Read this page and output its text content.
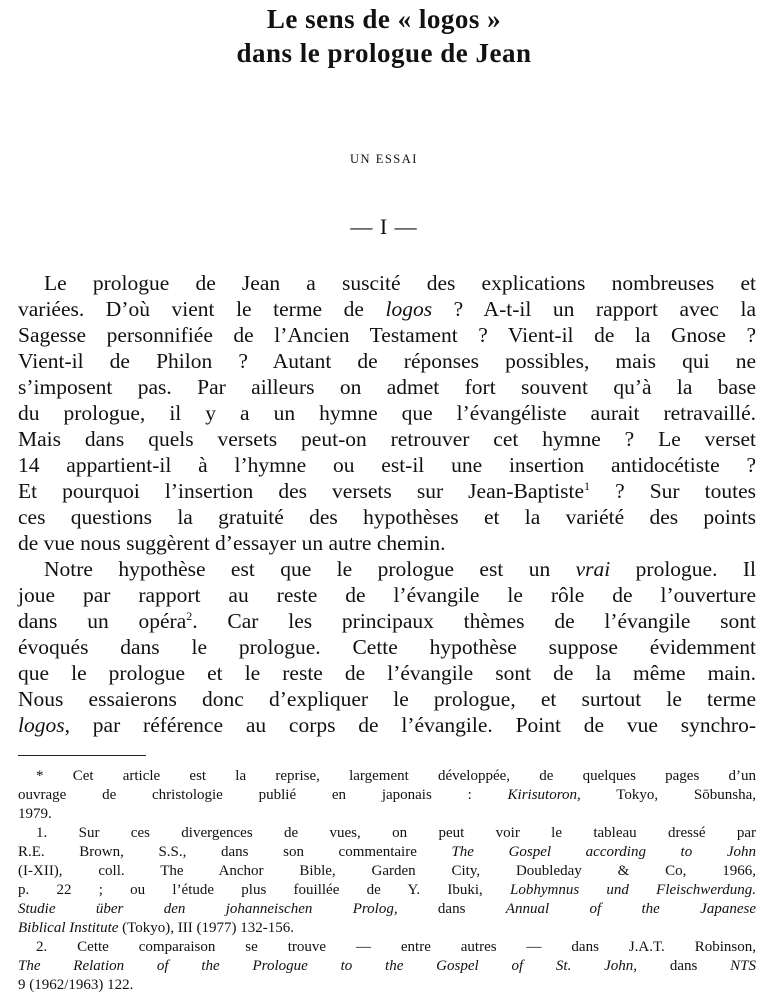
Le sens de « logos »
dans le prologue de Jean
UN ESSAI
— I —
Le prologue de Jean a suscité des explications nombreuses et
variées. D’où vient le terme de logos ? A-t-il un rapport avec la
Sagesse personnifiée de l’Ancien Testament ? Vient-il de la Gnose ?
Vient-il de Philon ? Autant de réponses possibles, mais qui ne
s’imposent pas. Par ailleurs on admet fort souvent qu’à la base
du prologue, il y a un hymne que l’évangéliste aurait retravaillé.
Mais dans quels versets peut-on retrouver cet hymne ? Le verset
14 appartient-il à l’hymne ou est-il une insertion antidocétiste ?
Et pourquoi l’insertion des versets sur Jean-Baptiste$^1$ ? Sur toutes
ces questions la gratuité des hypothèses et la variété des points
de vue nous suggèrent d’essayer un autre chemin.
Notre hypothèse est que le prologue est un vrai prologue. Il
joue par rapport au reste de l’évangile le rôle de l’ouverture
dans un opéra$^2$. Car les principaux thèmes de l’évangile sont
évoqués dans le prologue. Cette hypothèse suppose évidemment
que le prologue et le reste de l’évangile sont de la même main.
Nous essaierons donc d’expliquer le prologue, et surtout le terme
logos, par référence au corps de l’évangile. Point de vue synchro-
* Cet article est la reprise, largement développée, de quelques pages d’un
ouvrage de christologie publié en japonais : Kirisutoron, Tokyo, Sōbunsha,
1979.
1. Sur ces divergences de vues, on peut voir le tableau dressé par
R.E. Brown, S.S., dans son commentaire The Gospel according to John
(I-XII), coll. The Anchor Bible, Garden City, Doubleday & Co, 1966,
p. 22 ; ou l’étude plus fouillée de Y. Ibuki, Lobhymnus und Fleischwerdung.
Studie über den johanneischen Prolog, dans Annual of the Japanese
Biblical Institute (Tokyo), III (1977) 132-156.
2. Cette comparaison se trouve — entre autres — dans J.A.T. Robinson,
The Relation of the Prologue to the Gospel of St. John, dans NTS
9 (1962/1963) 122.
